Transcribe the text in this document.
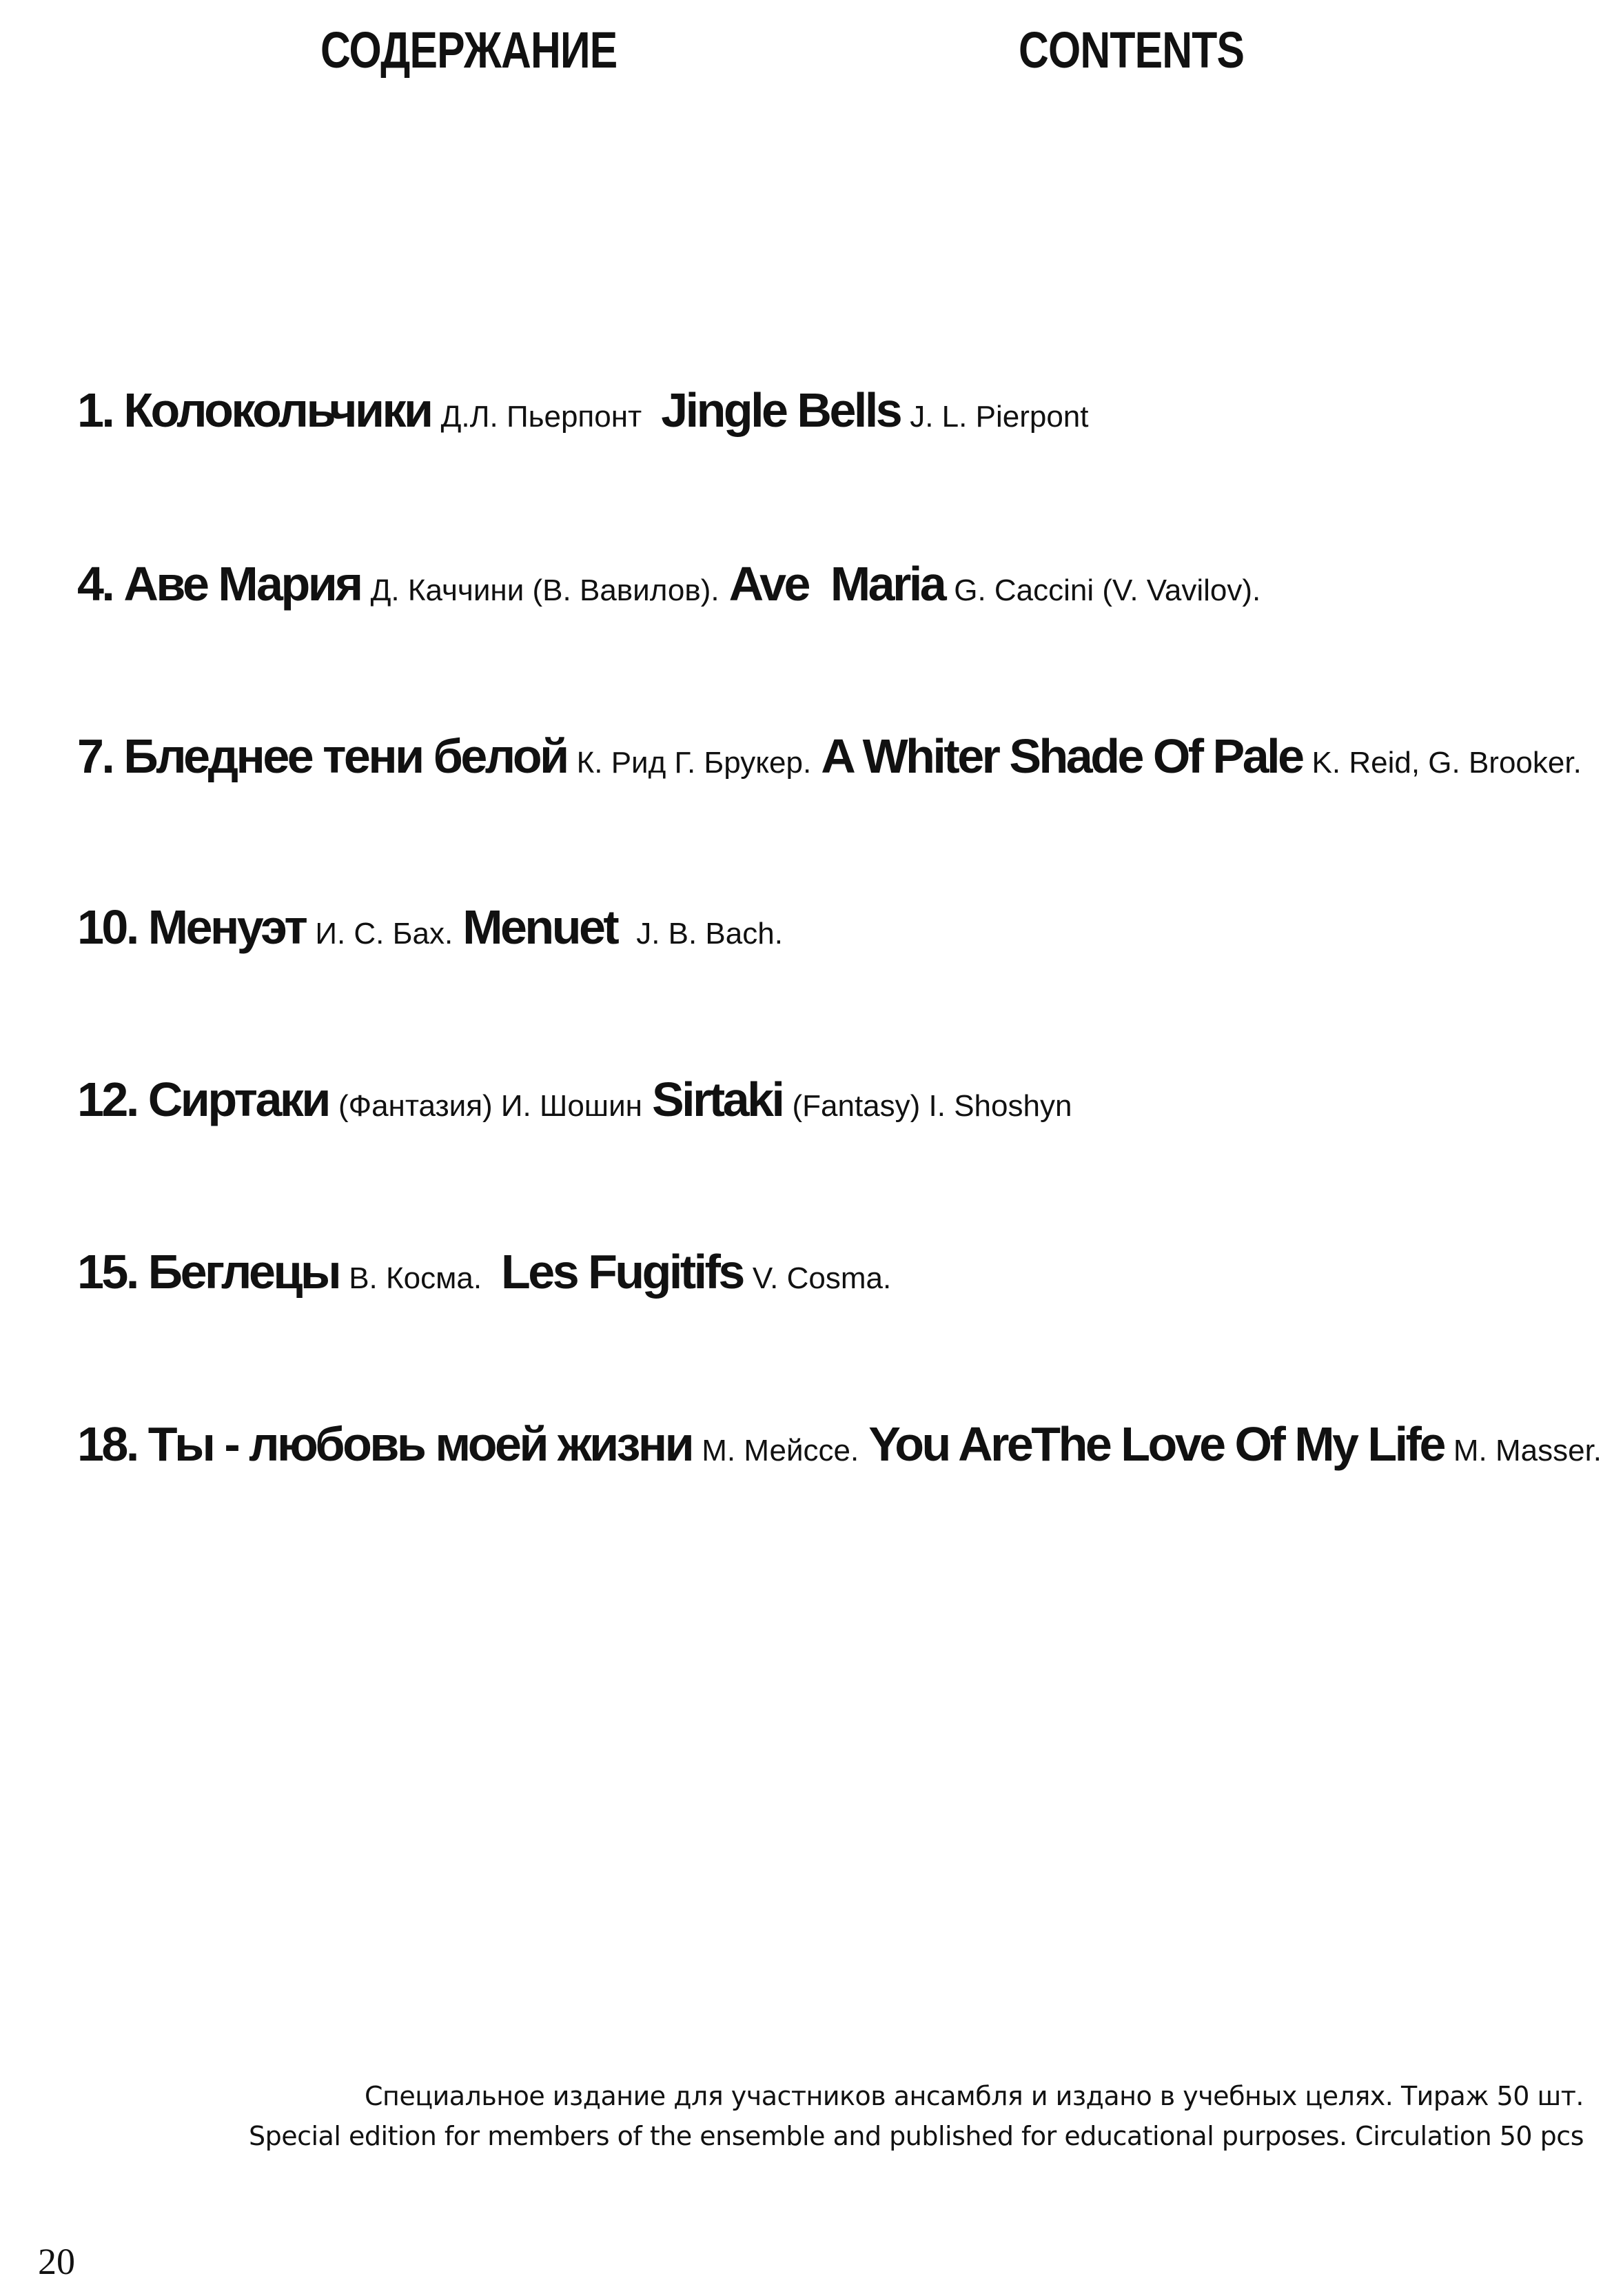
СОДЕРЖАНИЕ	CONTENTS
1. Колокольчики Д.Л. Пьерпонт Jingle Bells J. L. Pierpont
4. Аве Мария Д. Каччини (В. Вавилов). Ave  Maria G. Caccini (V. Vavilov).
7. Бледнее тени белой К. Рид Г. Брукер. A Whiter Shade Of Pale K. Reid, G. Brooker.
10. Менуэт И. С. Бах. Menuet J. B. Bach.
12. Сиртаки (Фантазия) И. Шошин Sirtaki (Fantasy) I. Shoshyn
15. Беглецы В. Косма. Les Fugitifs V. Cosma.
18. Ты - любовь моей жизни М. Мейссе. You AreThe Love Of My Life M. Masser.
Специальное издание для участников ансамбля и издано в учебных целях. Тираж 50 шт.
Special edition for members of the ensemble and published for educational purposes. Circulation 50 pcs
20
